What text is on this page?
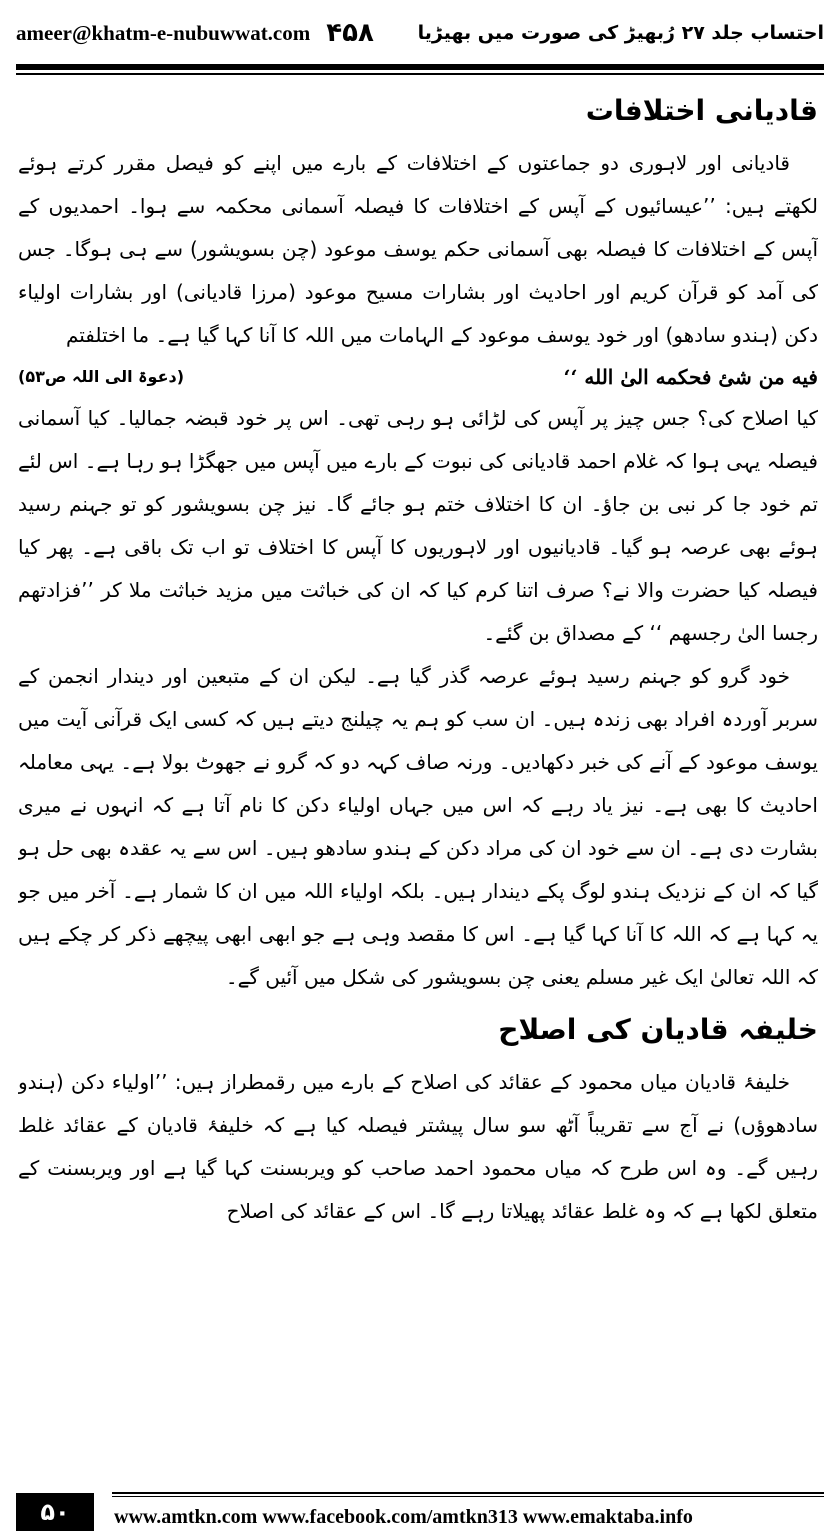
ameer@khatm-e-nubuwwat.com ۴۵۸ احتساب جلد ۲۷ رُبھیڑ کی صورت میں بھیڑیا
قادیانی اختلافات

قادیانی اور لاہوری دو جماعتوں کے اختلافات کے بارے میں اپنے کو فیصل مقرر کرتے ہوئے لکھتے ہیں: ’’عیسائیوں کے آپس کے اختلافات کا فیصلہ آسمانی محکمہ سے ہوا۔ احمدیوں کے آپس کے اختلافات کا فیصلہ بھی آسمانی حکم یوسف موعود (چن بسویشور) سے ہی ہوگا۔ جس کی آمد کو قرآن کریم اور احادیث اور بشارات مسیح موعود (مرزا قادیانی) اور بشارات اولیاء دکن (ہندو سادھو) اور خود یوسف موعود کے الہامات میں اللہ کا آنا کہا گیا ہے۔ ما اختلفتم

(دعوۃ الی اللہ ص۵۳)	فيه من شئ فحكمه الىٰ الله ‘‘

کیا اصلاح کی؟ جس چیز پر آپس کی لڑائی ہو رہی تھی۔ اس پر خود قبضہ جمالیا۔ کیا آسمانی فیصلہ یہی ہوا کہ غلام احمد قادیانی کی نبوت کے بارے میں آپس میں جھگڑا ہو رہا ہے۔ اس لئے تم خود جا کر نبی بن جاؤ۔ ان کا اختلاف ختم ہو جائے گا۔ نیز چن بسویشور کو تو جہنم رسید ہوئے بھی عرصہ ہو گیا۔ قادیانیوں اور لاہوریوں کا آپس کا اختلاف تو اب تک باقی ہے۔ پھر کیا فیصلہ کیا حضرت والا نے؟ صرف اتنا کرم کیا کہ ان کی خباثت میں مزید خباثت ملا کر ’’فزادتهم رجسا الىٰ رجسهم ‘‘ کے مصداق بن گئے۔

خود گرو کو جہنم رسید ہوئے عرصہ گذر گیا ہے۔ لیکن ان کے متبعین اور دیندار انجمن کے سربر آوردہ افراد بھی زندہ ہیں۔ ان سب کو ہم یہ چیلنج دیتے ہیں کہ کسی ایک قرآنی آیت میں یوسف موعود کے آنے کی خبر دکھادیں۔ ورنہ صاف کہہ دو کہ گرو نے جھوٹ بولا ہے۔ یہی معاملہ احادیث کا بھی ہے۔ نیز یاد رہے کہ اس میں جہاں اولیاء دکن کا نام آتا ہے کہ انہوں نے میری بشارت دی ہے۔ ان سے خود ان کی مراد دکن کے ہندو سادھو ہیں۔ اس سے یہ عقدہ بھی حل ہو گیا کہ ان کے نزدیک ہندو لوگ پکے دیندار ہیں۔ بلکہ اولیاء اللہ میں ان کا شمار ہے۔ آخر میں جو یہ کہا ہے کہ اللہ کا آنا کہا گیا ہے۔ اس کا مقصد وہی ہے جو ابھی ابھی پیچھے ذکر کر چکے ہیں کہ اللہ تعالیٰ ایک غیر مسلم یعنی چن بسویشور کی شکل میں آئیں گے۔

خلیفہ قادیان کی اصلاح

خلیفۂ قادیان میاں محمود کے عقائد کی اصلاح کے بارے میں رقمطراز ہیں: ’’اولیاء دکن (ہندو سادھوؤں) نے آج سے تقریباً آٹھ سو سال پیشتر فیصلہ کیا ہے کہ خلیفۂ قادیان کے عقائد غلط رہیں گے۔ وہ اس طرح کہ میاں محمود احمد صاحب کو ویربسنت کہا گیا ہے اور ویربسنت کے متعلق لکھا ہے کہ وہ غلط عقائد پھیلاتا رہے گا۔ اس کے عقائد کی اصلاح

۵۰	www.amtkn.com www.facebook.com/amtkn313 www.emaktaba.info
